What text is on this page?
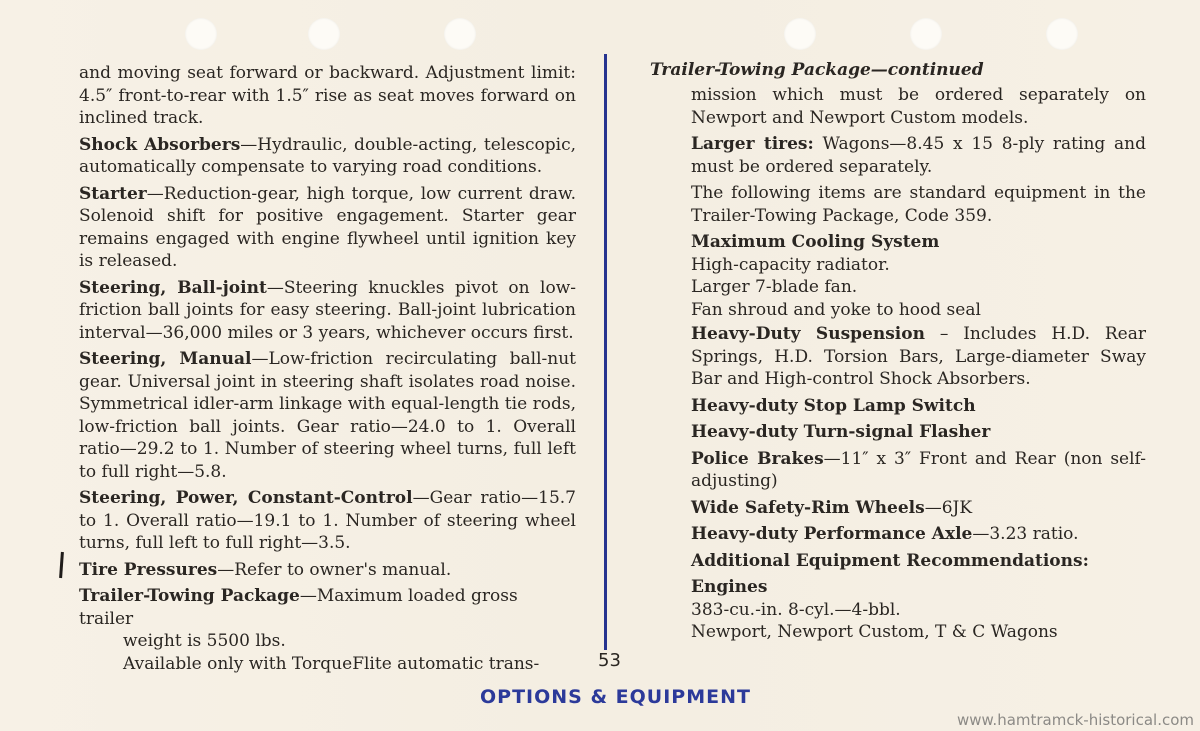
and moving seat forward or backward. Adjustment limit: 4.5″ front-to-rear with 1.5″ rise as seat moves forward on inclined track.

Shock Absorbers—Hydraulic, double-acting, telescopic, automatically compensate to varying road conditions.

Starter—Reduction-gear, high torque, low current draw. Solenoid shift for positive engagement. Starter gear remains engaged with engine flywheel until ignition key is released.

Steering, Ball-joint—Steering knuckles pivot on low-friction ball joints for easy steering. Ball-joint lubrication interval—36,000 miles or 3 years, whichever occurs first.

Steering, Manual—Low-friction recirculating ball-nut gear. Universal joint in steering shaft isolates road noise. Symmetrical idler-arm linkage with equal-length tie rods, low-friction ball joints. Gear ratio—24.0 to 1. Overall ratio—29.2 to 1. Number of steering wheel turns, full left to full right—5.8.

Steering, Power, Constant-Control—Gear ratio—15.7 to 1. Overall ratio—19.1 to 1. Number of steering wheel turns, full left to full right—3.5.

Tire Pressures—Refer to owner's manual.

Trailer-Towing Package—Maximum loaded gross trailer

weight is 5500 lbs.

Available only with TorqueFlite automatic trans-

Trailer-Towing Package—continued

mission which must be ordered separately on Newport and Newport Custom models.

Larger tires: Wagons—8.45 x 15 8-ply rating and must be ordered separately.

The following items are standard equipment in the Trailer-Towing Package, Code 359.

Maximum Cooling System

High-capacity radiator.

Larger 7-blade fan.

Fan shroud and yoke to hood seal

Heavy-Duty Suspension – Includes H.D. Rear Springs, H.D. Torsion Bars, Large-diameter Sway Bar and High-control Shock Absorbers.

Heavy-duty Stop Lamp Switch

Heavy-duty Turn-signal Flasher

Police Brakes—11″ x 3″ Front and Rear (non self-adjusting)

Wide Safety-Rim Wheels—6JK

Heavy-duty Performance Axle—3.23 ratio.

Additional Equipment Recommendations:

Engines

383-cu.-in. 8-cyl.—4-bbl.

Newport, Newport Custom, T & C Wagons

53
OPTIONS & EQUIPMENT
www.hamtramck-historical.com
